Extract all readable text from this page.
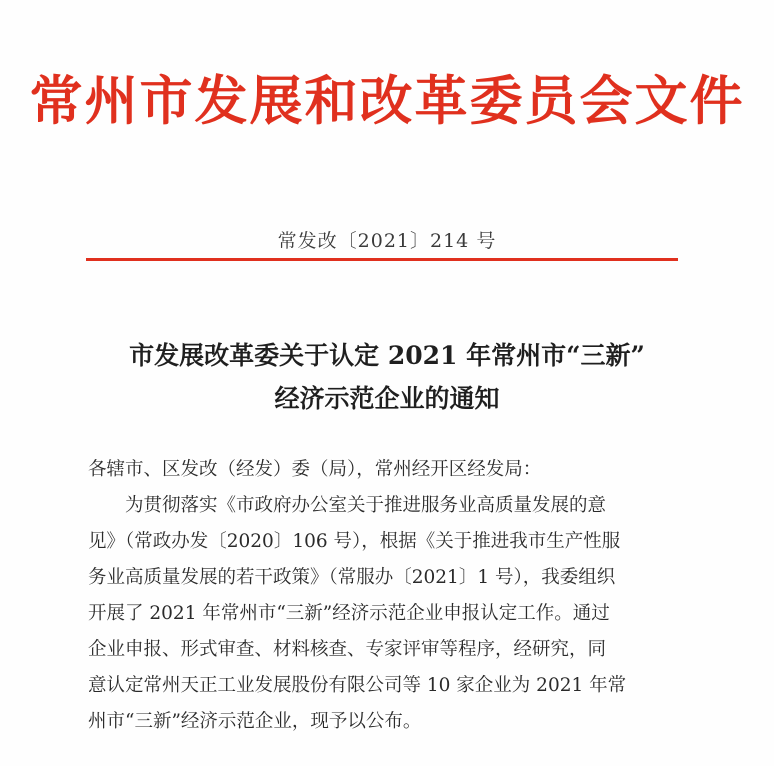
常州市发展和改革委员会文件
常发改〔2021〕214 号
市发展改革委关于认定 2021 年常州市“三新”
经济示范企业的通知
各辖市、区发改（经发）委（局），常州经开区经发局：
为贯彻落实《市政府办公室关于推进服务业高质量发展的意
见》（常政办发〔2020〕106 号），根据《关于推进我市生产性服
务业高质量发展的若干政策》（常服办〔2021〕1 号），我委组织
开展了 2021 年常州市“三新”经济示范企业申报认定工作。通过
企业申报、形式审查、材料核查、专家评审等程序，经研究，同
意认定常州天正工业发展股份有限公司等 10 家企业为 2021 年常
州市“三新”经济示范企业，现予以公布。
